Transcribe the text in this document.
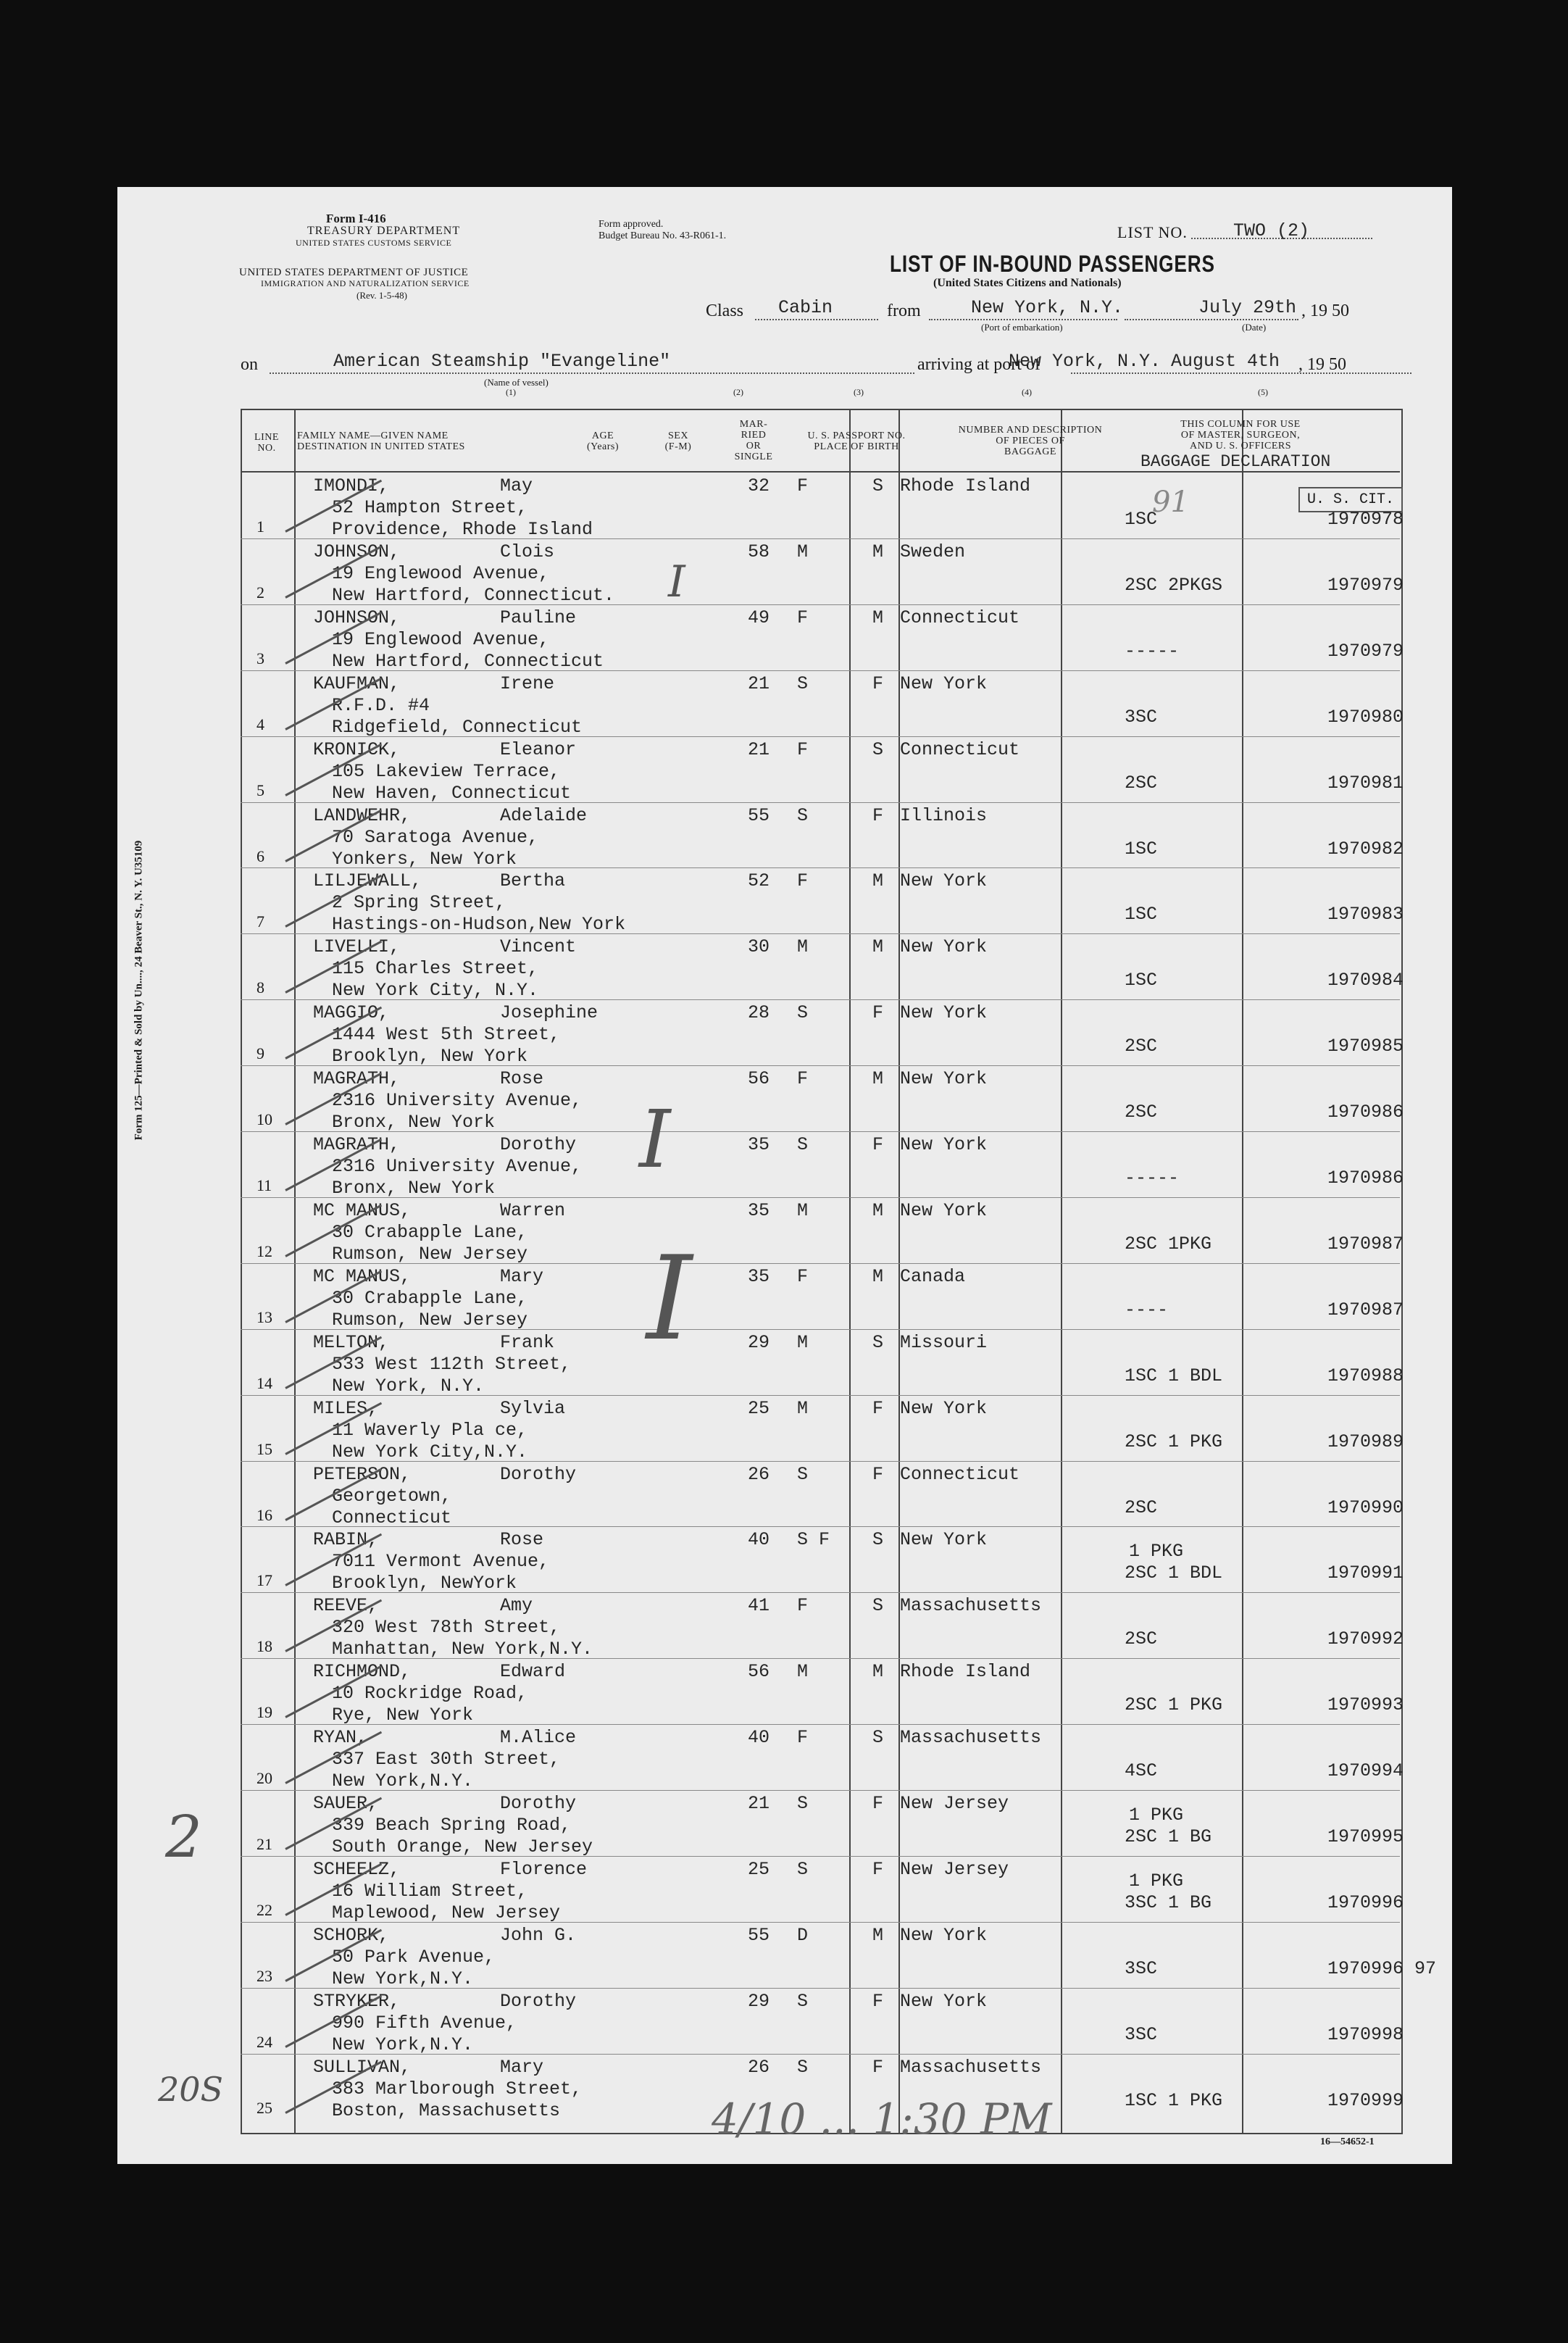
Form I-416
TREASURY DEPARTMENT
UNITED STATES CUSTOMS SERVICE
UNITED STATES DEPARTMENT OF JUSTICE
IMMIGRATION AND NATURALIZATION SERVICE
(Rev. 1-5-48)
Form approved.
Budget Bureau No. 43-R061-1.
LIST OF IN-BOUND PASSENGERS
(United States Citizens and Nationals)
LIST NO.	TWO (2)
Class Cabin	from	New York, N.Y.
(Port of embarkation)
July 29th , 19 50
(Date)
on	American Steamship "Evangeline"
(Name of vessel)
(1)
arriving at port of
New York, N.Y. August 4th , 19 50
(2)	(3)	(4)	(5)
Form 125—Printed & Sold by Un...., 24 Beaver St., N. Y. U35109
LINE
NO.
FAMILY NAME—GIVEN NAME
DESTINATION IN UNITED STATES
AGE
(Years)
SEX
(F-M)
MAR-
RIED
OR
SINGLE
U. S. PASSPORT NO.
PLACE OF BIRTH
NUMBER AND DESCRIPTION
OF PIECES OF
BAGGAGE
THIS COLUMN FOR USE
OF MASTER, SURGEON,
AND U. S. OFFICERS
BAGGAGE DECLARATION
U. S. CIT.
1
IMONDI,	May	32 F	S Rhode Island
52 Hampton Street,
Providence, Rhode Island	1SC	1970978
2
JOHNSON,	Clois	58 M	M Sweden
19 Englewood Avenue,
New Hartford, Connecticut.	2SC 2PKGS	1970979
3
JOHNSON,	Pauline	49 F	M Connecticut
19 Englewood Avenue,
New Hartford, Connecticut	-----	1970979
4
KAUFMAN,	Irene	21 S	F New York
R.F.D. #4
Ridgefield, Connecticut	3SC	1970980
5
KRONICK,	Eleanor	21 F	S Connecticut
105 Lakeview Terrace,
New Haven, Connecticut	2SC	1970981
6
LANDWEHR,	Adelaide	55 S	F Illinois
70 Saratoga Avenue,
Yonkers, New York	1SC	1970982
7
LILJEWALL,	Bertha	52 F	M New York
2 Spring Street,
Hastings-on-Hudson,New York	1SC	1970983
8
LIVELLI,	Vincent	30 M	M New York
115 Charles Street,
New York City, N.Y.	1SC	1970984
9
MAGGIO,	Josephine	28 S	F New York
1444 West 5th Street,
Brooklyn, New York	2SC	1970985
10
MAGRATH,	Rose	56 F	M New York
2316 University Avenue,
Bronx, New York	2SC	1970986
11
MAGRATH,	Dorothy	35 S	F New York
2316 University Avenue,
Bronx, New York	-----	1970986
12
MC MANUS,	Warren	35 M	M New York
30 Crabapple Lane,
Rumson, New Jersey	2SC 1PKG	1970987
13
MC MANUS,	Mary	35 F	M Canada
30 Crabapple Lane,
Rumson, New Jersey	----	1970987
14
MELTON,	Frank	29 M	S Missouri
533 West 112th Street,
New York, N.Y.	1SC 1 BDL	1970988
15
MILES,	Sylvia	25 M	F New York
11 Waverly Pla ce,
New York City,N.Y.	2SC 1 PKG	1970989
16
PETERSON,	Dorothy	26 S	F Connecticut
Georgetown,
Connecticut	2SC	1970990
17
RABIN,	Rose	40 S F S New York
7011 Vermont Avenue,
Brooklyn, NewYork
1 PKG
2SC 1 BDL	1970991
18
REEVE,	Amy	41 F	S Massachusetts
320 West 78th Street,
Manhattan, New York,N.Y.	2SC	1970992
19
RICHMOND,	Edward	56 M	M Rhode Island
10 Rockridge Road,
Rye, New York	2SC 1 PKG	1970993
20
RYAN,	M.Alice	40 F	S Massachusetts
337 East 30th Street,
New York,N.Y.	4SC	1970994
21
SAUER,	Dorothy	21 S	F New Jersey
339 Beach Spring Road,
South Orange, New Jersey
1 PKG
2SC 1 BG	1970995
22
SCHEELZ,	Florence	25 S	F New Jersey
16 William Street,
Maplewood, New Jersey
1 PKG
3SC 1 BG	1970996
23
SCHORK,	John G.	55 D	M New York
50 Park Avenue,
New York,N.Y.	3SC	1970996 97
24
STRYKER,	Dorothy	29 S	F New York
990 Fifth Avenue,
New York,N.Y.	3SC	1970998
25
SULLIVAN,	Mary	26 S	F Massachusetts
383 Marlborough Street,
Boston, Massachusetts	1SC 1 PKG	1970999
I
I
I
2
20S
91
4/10 ... 1:30 PM	16—54652-1
